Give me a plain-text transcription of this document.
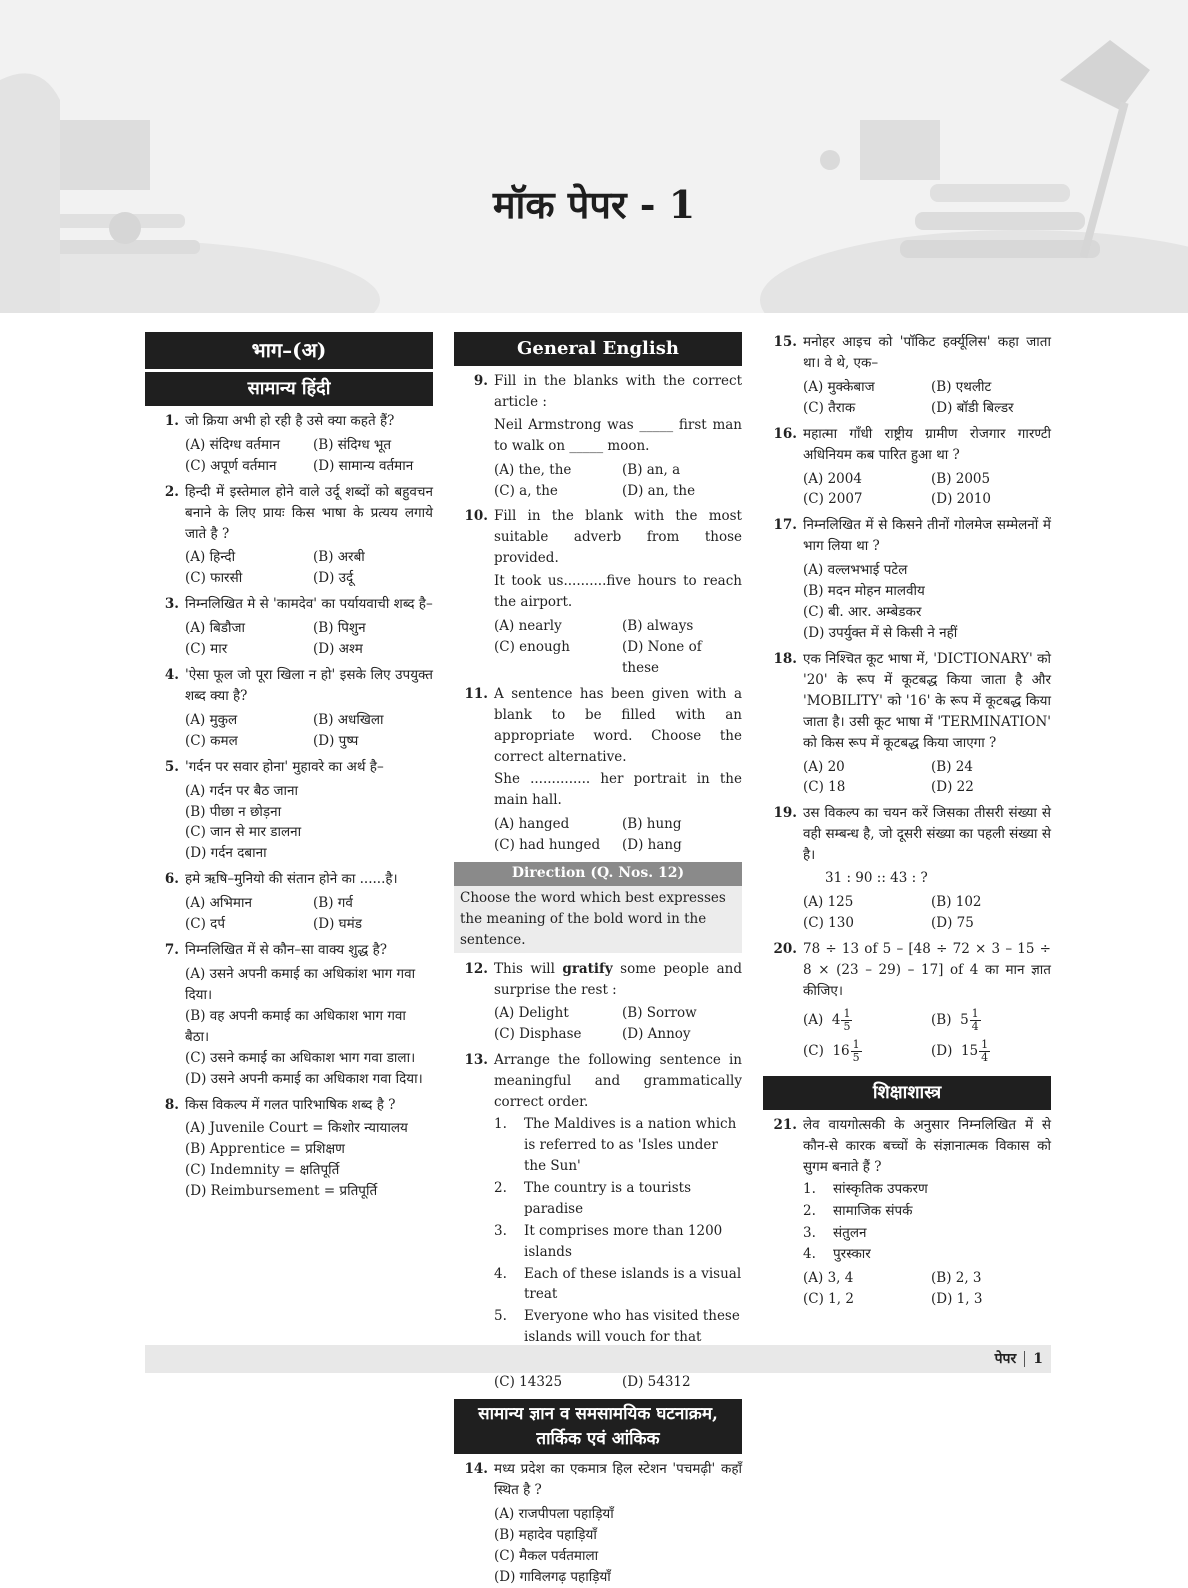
मॉक पेपर - 1
भाग–(अ)
सामान्य हिंदी
1. जो क्रिया अभी हो रही है उसे क्या कहते हैं?
(A) संदिग्ध वर्तमान	(B) संदिग्ध भूत
(C) अपूर्ण वर्तमान	(D) सामान्य वर्तमान
2. हिन्दी में इस्तेमाल होने वाले उर्दू शब्दों को बहुवचन बनाने के लिए प्रायः किस भाषा के प्रत्यय लगाये जाते है ?
(A) हिन्दी	(B) अरबी
(C) फारसी	(D) उर्दू
3. निम्नलिखित मे से 'कामदेव' का पर्यायवाची शब्द है–
(A) बिडौजा	(B) पिशुन
(C) मार	(D) अश्म
4. 'ऐसा फूल जो पूरा खिला न हो' इसके लिए उपयुक्त शब्द क्या है?
(A) मुकुल	(B) अधखिला
(C) कमल	(D) पुष्प
5. 'गर्दन पर सवार होना' मुहावरे का अर्थ है–
(A) गर्दन पर बैठ जाना
(B) पीछा न छोड़ना
(C) जान से मार डालना
(D) गर्दन दबाना
6. हमे ऋषि–मुनियो की संतान होने का ......है।
(A) अभिमान	(B) गर्व
(C) दर्प	(D) घमंड
7. निम्नलिखित में से कौन–सा वाक्य शुद्ध है?
(A) उसने अपनी कमाई का अधिकांश भाग गवा दिया।
(B) वह अपनी कमाई का अधिकाश भाग गवा बैठा।
(C) उसने कमाई का अधिकाश भाग गवा डाला।
(D) उसने अपनी कमाई का अधिकाश गवा दिया।
8. किस विकल्प में गलत पारिभाषिक शब्द है ?
(A) Juvenile Court = किशोर न्यायालय
(B) Apprentice = प्रशिक्षण
(C) Indemnity = क्षतिपूर्ति
(D) Reimbursement = प्रतिपूर्ति
General English
9. Fill in the blanks with the correct article :
Neil Armstrong was _____ first man to walk on _____ moon.
(A) the, the	(B) an, a
(C) a, the	(D) an, the
10. Fill in the blank with the most suitable adverb from those provided.
It took us..........five hours to reach the airport.
(A) nearly	(B) always
(C) enough	(D) None of these
11. A sentence has been given with a blank to be filled with an appropriate word. Choose the correct alternative.
She .............. her portrait in the main hall.
(A) hanged	(B) hung
(C) had hunged	(D) hang
Direction (Q. Nos. 12)
Choose the word which best expresses the meaning of the bold word in the sentence.
12. This will gratify some people and surprise the rest :
(A) Delight	(B) Sorrow
(C) Disphase	(D) Annoy
13. Arrange the following sentence in meaningful and grammatically correct order.
1.	The Maldives is a nation which is referred to as 'Isles under the Sun'
2.	The country is a tourists paradise
3.	It comprises more than 1200 islands
4.	Each of these islands is a visual treat
5.	Everyone who has visited these islands will vouch for that
(C) 14325	(D) 54312
सामान्य ज्ञान व समसामयिक घटनाक्रम, तार्किक एवं आंकिक
14. मध्य प्रदेश का एकमात्र हिल स्टेशन 'पचमढ़ी' कहाँ स्थित है ?
(A) राजपीपला पहाड़ियाँ
(B) महादेव पहाड़ियाँ
(C) मैकल पर्वतमाला
(D) गाविलगढ़ पहाड़ियाँ
15. मनोहर आइच को 'पॉकिट हर्क्यूलिस' कहा जाता था। वे थे, एक–
(A) मुक्केबाज	(B) एथलीट
(C) तैराक	(D) बॉडी बिल्डर
16. महात्मा गाँधी राष्ट्रीय ग्रामीण रोजगार गारण्टी अधिनियम कब पारित हुआ था ?
(A) 2004	(B) 2005
(C) 2007	(D) 2010
17. निम्नलिखित में से किसने तीनों गोलमेज सम्मेलनों में भाग लिया था ?
(A) वल्लभभाई पटेल
(B) मदन मोहन मालवीय
(C) बी. आर. अम्बेडकर
(D) उपर्युक्त में से किसी ने नहीं
18. एक निश्चित कूट भाषा में, 'DICTIONARY' को '20' के रूप में कूटबद्ध किया जाता है और 'MOBILITY' को '16' के रूप में कूटबद्ध किया जाता है। उसी कूट भाषा में 'TERMINATION' को किस रूप में कूटबद्ध किया जाएगा ?
(A) 20	(B) 24
(C) 18	(D) 22
19. उस विकल्प का चयन करें जिसका तीसरी संख्या से वही सम्बन्ध है, जो दूसरी संख्या का पहली संख्या से है।
31 : 90 :: 43 : ?
(A) 125	(B) 102
(C) 130	(D) 75
20. 78 ÷ 13 of 5 – [48 ÷ 72 × 3 – 15 ÷ 8 × (23 – 29) – 17] of 4 का मान ज्ञात कीजिए।
(A) $4 \frac{1}{5}$	(B) $5 \frac{1}{4}$
(C) $16 \frac{1}{5}$	(D) $15 \frac{1}{4}$
शिक्षाशास्त्र
21. लेव वायगोत्सकी के अनुसार निम्नलिखित में से कौन-से कारक बच्चों के संज्ञानात्मक विकास को सुगम बनाते हैं ?
1.	सांस्कृतिक उपकरण
2.	सामाजिक संपर्क
3.	संतुलन
4.	पुरस्कार
(A) 3, 4	(B) 2, 3
(C) 1, 2	(D) 1, 3
पेपर 1
